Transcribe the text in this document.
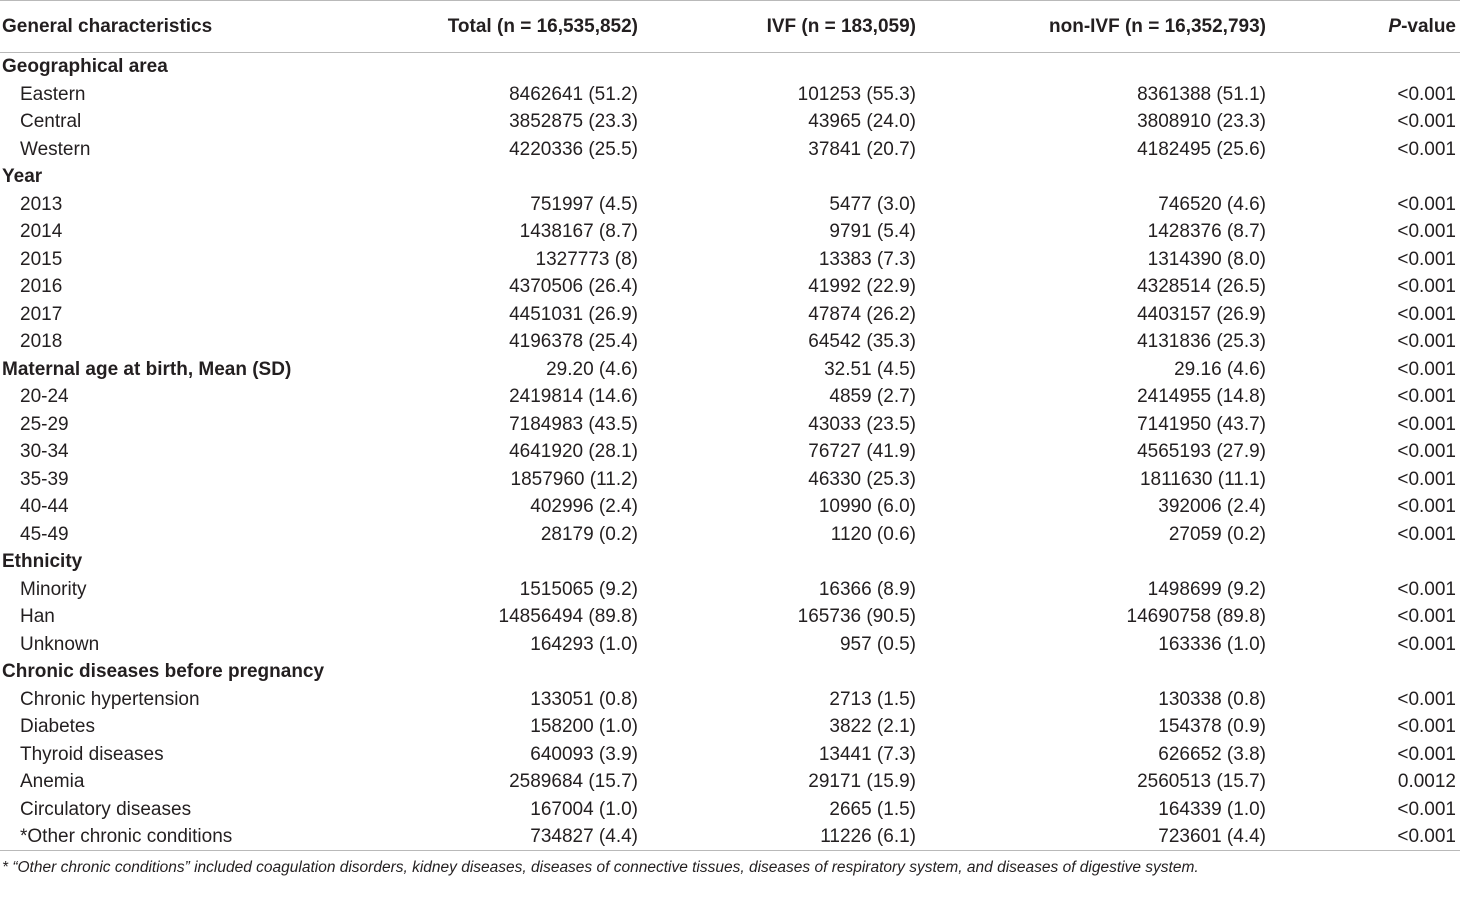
General characteristics	Total (n = 16,535,852)	IVF (n = 183,059)	non-IVF (n = 16,352,793)	P-value
Geographical area				
Eastern	8462641 (51.2)	101253 (55.3)	8361388 (51.1)	<0.001
Central	3852875 (23.3)	43965 (24.0)	3808910 (23.3)	<0.001
Western	4220336 (25.5)	37841 (20.7)	4182495 (25.6)	<0.001
Year				
2013	751997 (4.5)	5477 (3.0)	746520 (4.6)	<0.001
2014	1438167 (8.7)	9791 (5.4)	1428376 (8.7)	<0.001
2015	1327773 (8)	13383 (7.3)	1314390 (8.0)	<0.001
2016	4370506 (26.4)	41992 (22.9)	4328514 (26.5)	<0.001
2017	4451031 (26.9)	47874 (26.2)	4403157 (26.9)	<0.001
2018	4196378 (25.4)	64542 (35.3)	4131836 (25.3)	<0.001
Maternal age at birth, Mean (SD)	29.20 (4.6)	32.51 (4.5)	29.16 (4.6)	<0.001
20-24	2419814 (14.6)	4859 (2.7)	2414955 (14.8)	<0.001
25-29	7184983 (43.5)	43033 (23.5)	7141950 (43.7)	<0.001
30-34	4641920 (28.1)	76727 (41.9)	4565193 (27.9)	<0.001
35-39	1857960 (11.2)	46330 (25.3)	1811630 (11.1)	<0.001
40-44	402996 (2.4)	10990 (6.0)	392006 (2.4)	<0.001
45-49	28179 (0.2)	1120 (0.6)	27059 (0.2)	<0.001
Ethnicity				
Minority	1515065 (9.2)	16366 (8.9)	1498699 (9.2)	<0.001
Han	14856494 (89.8)	165736 (90.5)	14690758 (89.8)	<0.001
Unknown	164293 (1.0)	957 (0.5)	163336 (1.0)	<0.001
Chronic diseases before pregnancy				
Chronic hypertension	133051 (0.8)	2713 (1.5)	130338 (0.8)	<0.001
Diabetes	158200 (1.0)	3822 (2.1)	154378 (0.9)	<0.001
Thyroid diseases	640093 (3.9)	13441 (7.3)	626652 (3.8)	<0.001
Anemia	2589684 (15.7)	29171 (15.9)	2560513 (15.7)	0.0012
Circulatory diseases	167004 (1.0)	2665 (1.5)	164339 (1.0)	<0.001
*Other chronic conditions	734827 (4.4)	11226 (6.1)	723601 (4.4)	<0.001
* “Other chronic conditions” included coagulation disorders, kidney diseases, diseases of connective tissues, diseases of respiratory system, and diseases of digestive system.
